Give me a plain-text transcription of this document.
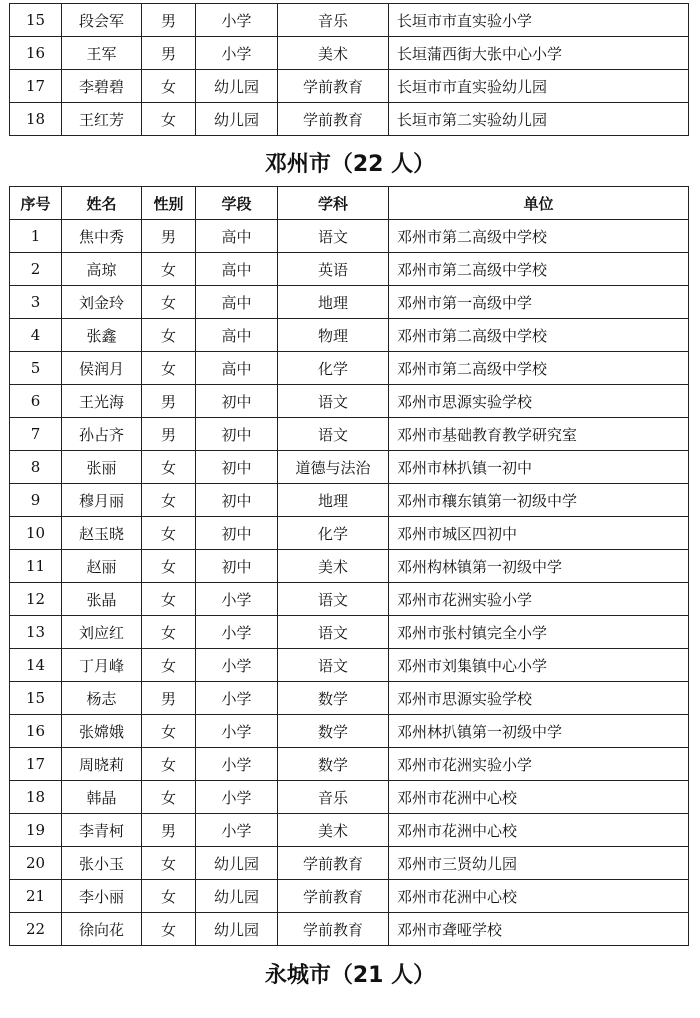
15	段会军	男	小学	音乐	长垣市市直实验小学
16	王军	男	小学	美术	长垣蒲西街大张中心小学
17	李碧碧	女	幼儿园	学前教育	长垣市市直实验幼儿园
18	王红芳	女	幼儿园	学前教育	长垣市第二实验幼儿园
邓州市（22 人）
序号	姓名	性别	学段	学科	单位
1	焦中秀	男	高中	语文	邓州市第二高级中学校
2	高琼	女	高中	英语	邓州市第二高级中学校
3	刘金玲	女	高中	地理	邓州市第一高级中学
4	张鑫	女	高中	物理	邓州市第二高级中学校
5	侯润月	女	高中	化学	邓州市第二高级中学校
6	王光海	男	初中	语文	邓州市思源实验学校
7	孙占齐	男	初中	语文	邓州市基础教育教学研究室
8	张丽	女	初中	道德与法治	邓州市林扒镇一初中
9	穆月丽	女	初中	地理	邓州市穰东镇第一初级中学
10	赵玉晓	女	初中	化学	邓州市城区四初中
11	赵丽	女	初中	美术	邓州构林镇第一初级中学
12	张晶	女	小学	语文	邓州市花洲实验小学
13	刘应红	女	小学	语文	邓州市张村镇完全小学
14	丁月峰	女	小学	语文	邓州市刘集镇中心小学
15	杨志	男	小学	数学	邓州市思源实验学校
16	张嫦娥	女	小学	数学	邓州林扒镇第一初级中学
17	周晓莉	女	小学	数学	邓州市花洲实验小学
18	韩晶	女	小学	音乐	邓州市花洲中心校
19	李青柯	男	小学	美术	邓州市花洲中心校
20	张小玉	女	幼儿园	学前教育	邓州市三贤幼儿园
21	李小丽	女	幼儿园	学前教育	邓州市花洲中心校
22	徐向花	女	幼儿园	学前教育	邓州市聋哑学校
永城市（21 人）
